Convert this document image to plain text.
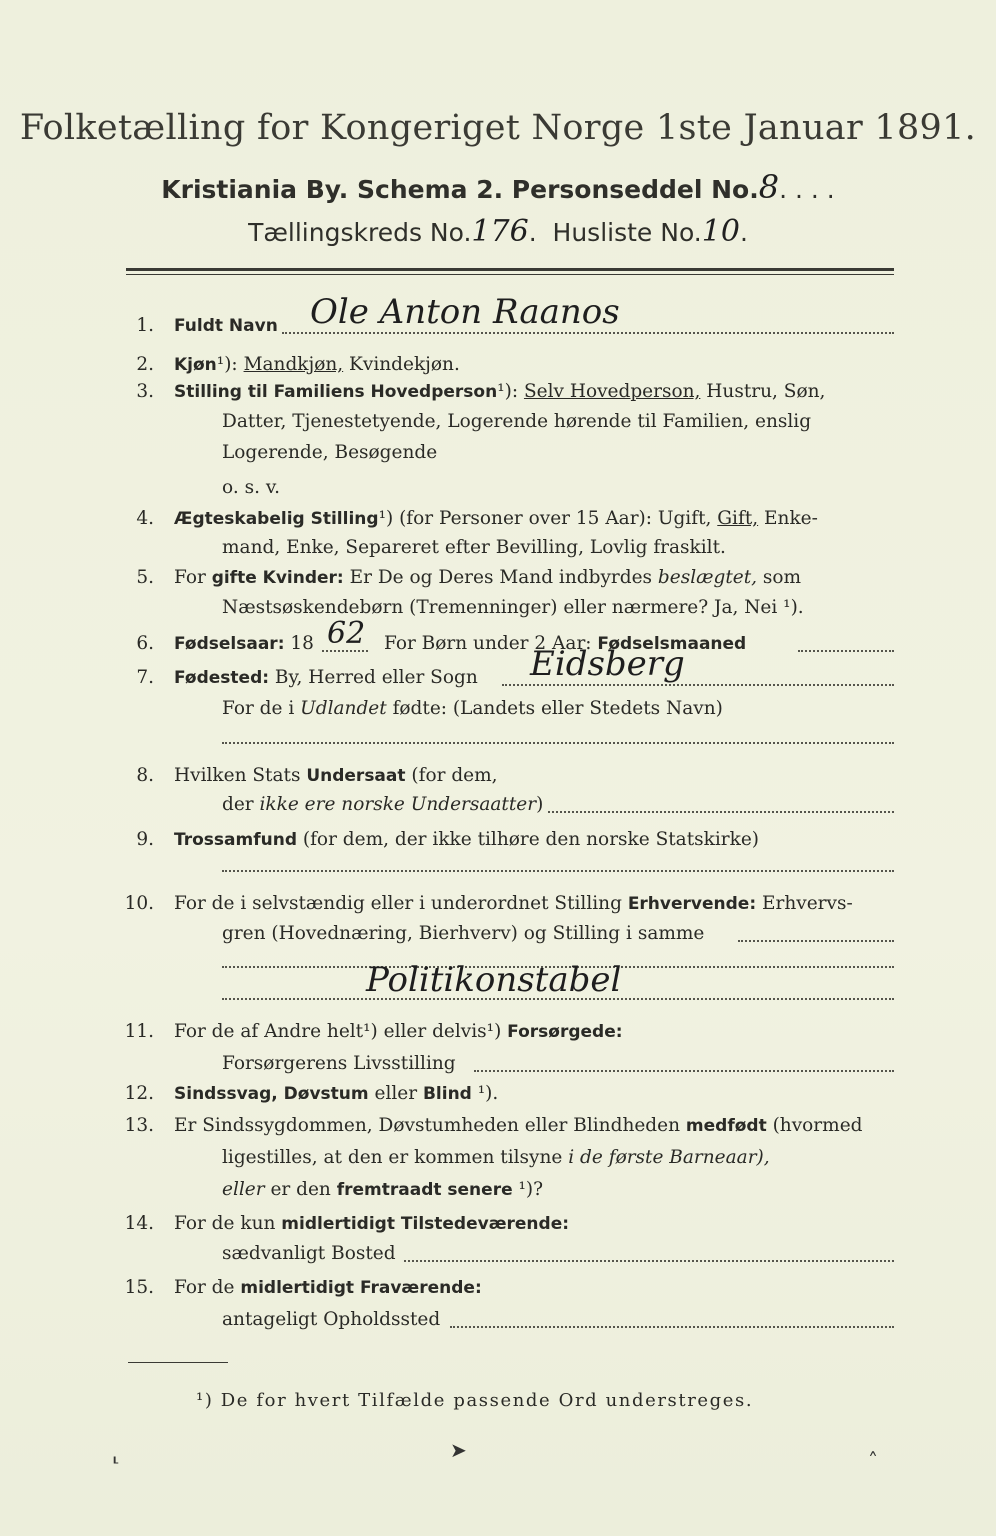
Folketælling for Kongeriget Norge 1ste Januar 1891.
Kristiania By. Schema 2. Personseddel No.8. . . .
Tællingskreds No.176.  Husliste No.10.
1. Fuldt Navn Ole Anton Raanos
2. Kjøn¹): Mandkjøn, Kvindekjøn.
3. Stilling til Familiens Hovedperson¹): Selv Hovedperson, Hustru, Søn,
Datter, Tjenestetyende, Logerende hørende til Familien, enslig
Logerende, Besøgende
o. s. v.
4. Ægteskabelig Stilling¹) (for Personer over 15 Aar): Ugift, Gift, Enke-
mand, Enke, Separeret efter Bevilling, Lovlig fraskilt.
5. For gifte Kvinder: Er De og Deres Mand indbyrdes beslægtet, som
Næstsøskendebørn (Tremenninger) eller nærmere? Ja, Nei ¹).
6. Fødselsaar: 18 62 For Børn under 2 Aar: Fødselsmaaned
7. Fødested: By, Herred eller Sogn Eidsberg
For de i Udlandet fødte: (Landets eller Stedets Navn)
8. Hvilken Stats Undersaat (for dem,
der ikke ere norske Undersaatter)
9. Trossamfund (for dem, der ikke tilhøre den norske Statskirke)
10. For de i selvstændig eller i underordnet Stilling Erhvervende: Erhvervs-
gren (Hovednæring, Bierhverv) og Stilling i samme
Politikonstabel
11. For de af Andre helt¹) eller delvis¹) Forsørgede:
Forsørgerens Livsstilling
12. Sindssvag, Døvstum eller Blind ¹).
13. Er Sindssygdommen, Døvstumheden eller Blindheden medfødt (hvormed
ligestilles, at den er kommen tilsyne i de første Barneaar),
eller er den fremtraadt senere ¹)?
14. For de kun midlertidigt Tilstedeværende:
sædvanligt Bosted
15. For de midlertidigt Fraværende:
antageligt Opholdssted
¹) De for hvert Tilfælde passende Ord understreges.
⸤	➤	˄
